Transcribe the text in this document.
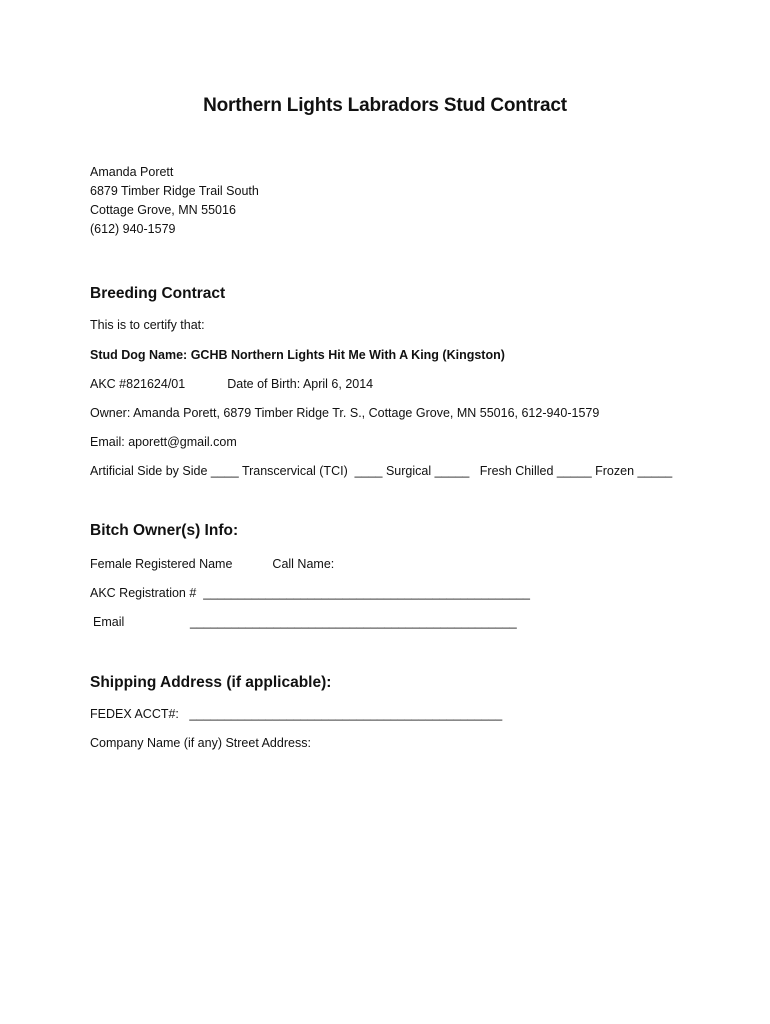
Northern Lights Labradors Stud Contract
Amanda Porett
6879 Timber Ridge Trail South
Cottage Grove, MN 55016
(612) 940-1579
Breeding Contract
This is to certify that:
Stud Dog Name: GCHB Northern Lights Hit Me With A King (Kingston)
AKC #821624/01	Date of Birth: April 6, 2014
Owner: Amanda Porett, 6879 Timber Ridge Tr. S., Cottage Grove, MN 55016, 612-940-1579
Email: aporett@gmail.com
Artificial Side by Side ____ Transcervical (TCI)  ____ Surgical _____   Fresh Chilled _____ Frozen _____
Bitch Owner(s) Info:
Female Registered Name	Call Name:
AKC Registration #  _______________________________________________
Email	_______________________________________________
Shipping Address (if applicable):
FEDEX ACCT#:   _____________________________________________
Company Name (if any) Street Address:
